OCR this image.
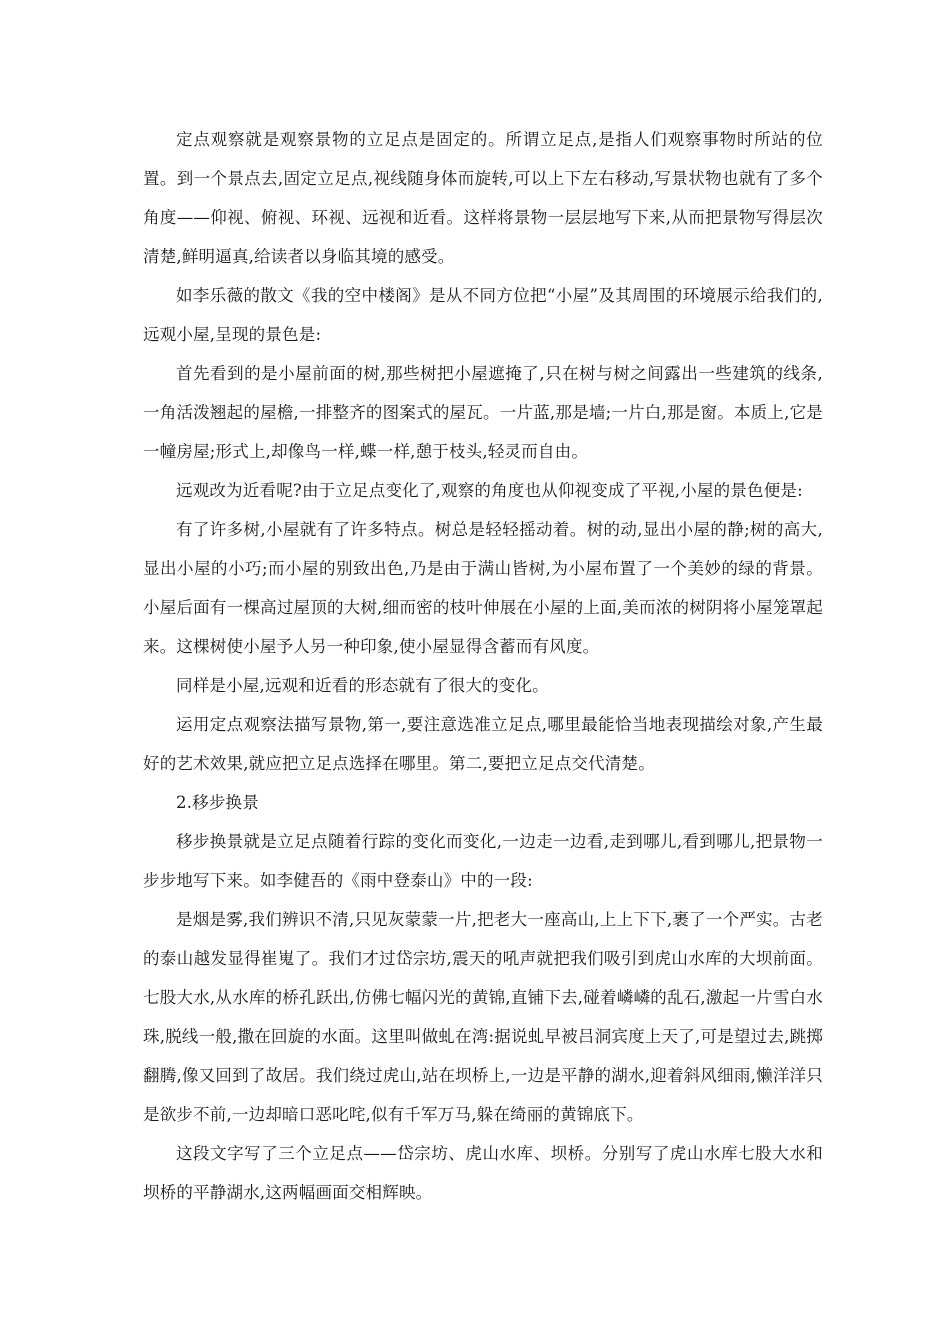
定点观察就是观察景物的立足点是固定的。所谓立足点,是指人们观察事物时所站的位置。到一个景点去,固定立足点,视线随身体而旋转,可以上下左右移动,写景状物也就有了多个角度——仰视、俯视、环视、远视和近看。这样将景物一层层地写下来,从而把景物写得层次清楚,鲜明逼真,给读者以身临其境的感受。

如李乐薇的散文《我的空中楼阁》是从不同方位把“小屋”及其周围的环境展示给我们的,远观小屋,呈现的景色是:

首先看到的是小屋前面的树,那些树把小屋遮掩了,只在树与树之间露出一些建筑的线条,一角活泼翘起的屋檐,一排整齐的图案式的屋瓦。一片蓝,那是墙;一片白,那是窗。本质上,它是一幢房屋;形式上,却像鸟一样,蝶一样,憩于枝头,轻灵而自由。

远观改为近看呢?由于立足点变化了,观察的角度也从仰视变成了平视,小屋的景色便是:

有了许多树,小屋就有了许多特点。树总是轻轻摇动着。树的动,显出小屋的静;树的高大,显出小屋的小巧;而小屋的别致出色,乃是由于满山皆树,为小屋布置了一个美妙的绿的背景。小屋后面有一棵高过屋顶的大树,细而密的枝叶伸展在小屋的上面,美而浓的树阴将小屋笼罩起来。这棵树使小屋予人另一种印象,使小屋显得含蓄而有风度。

同样是小屋,远观和近看的形态就有了很大的变化。

运用定点观察法描写景物,第一,要注意选准立足点,哪里最能恰当地表现描绘对象,产生最好的艺术效果,就应把立足点选择在哪里。第二,要把立足点交代清楚。

2.移步换景

移步换景就是立足点随着行踪的变化而变化,一边走一边看,走到哪儿,看到哪儿,把景物一步步地写下来。如李健吾的《雨中登泰山》中的一段:

是烟是雾,我们辨识不清,只见灰蒙蒙一片,把老大一座高山,上上下下,裹了一个严实。古老的泰山越发显得崔嵬了。我们才过岱宗坊,震天的吼声就把我们吸引到虎山水库的大坝前面。七股大水,从水库的桥孔跃出,仿佛七幅闪光的黄锦,直铺下去,碰着嶙嶙的乱石,激起一片雪白水珠,脱线一般,撒在回旋的水面。这里叫做虬在湾:据说虬早被吕洞宾度上天了,可是望过去,跳掷翻腾,像又回到了故居。我们绕过虎山,站在坝桥上,一边是平静的湖水,迎着斜风细雨,懒洋洋只是欲步不前,一边却暗口恶叱咤,似有千军万马,躲在绮丽的黄锦底下。

这段文字写了三个立足点——岱宗坊、虎山水库、坝桥。分别写了虎山水库七股大水和坝桥的平静湖水,这两幅画面交相辉映。
